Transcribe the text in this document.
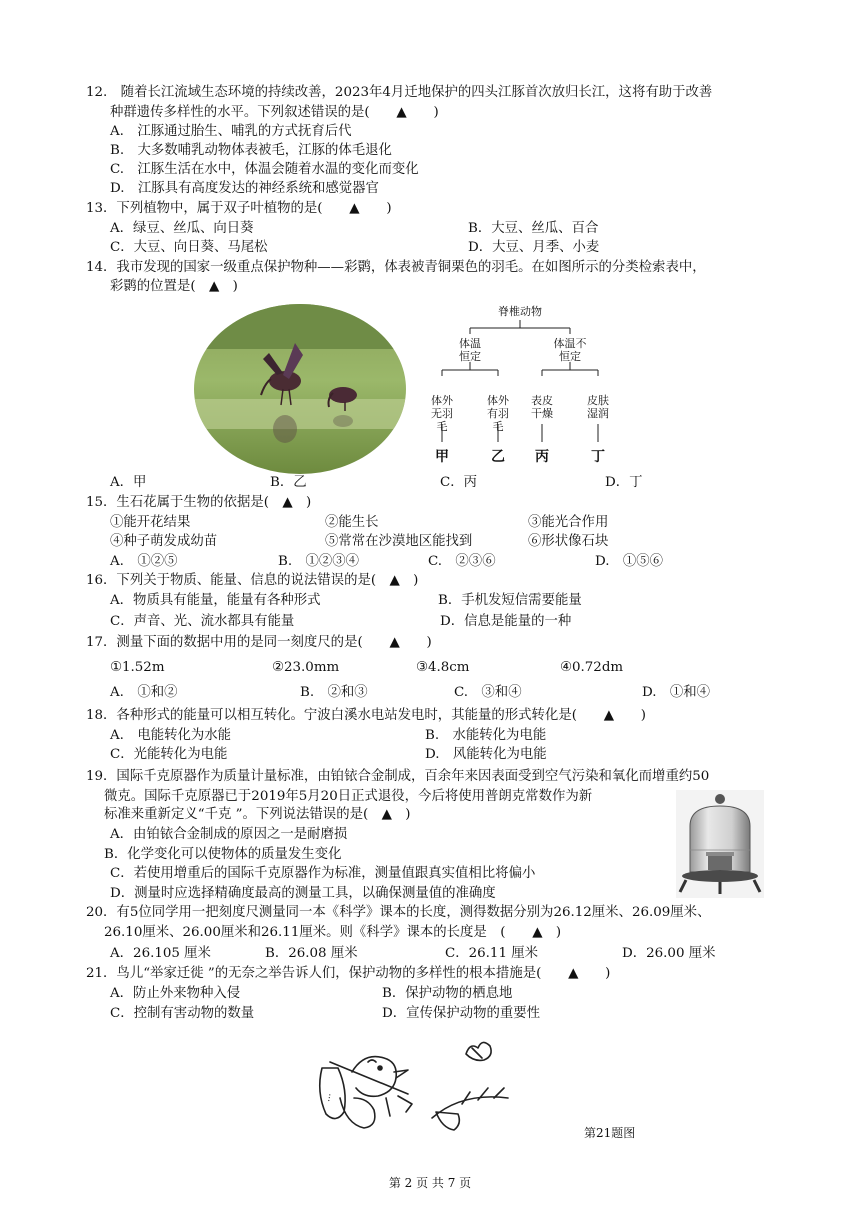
12.　随着长江流域生态环境的持续改善，2023年4月迁地保护的四头江豚首次放归长江，这将有助于改善
种群遗传多样性的水平。下列叙述错误的是(　　▲　　)
A.　江豚通过胎生、哺乳的方式抚育后代
B.　大多数哺乳动物体表被毛，江豚的体毛退化
C.　江豚生活在水中，体温会随着水温的变化而变化
D.　江豚具有高度发达的神经系统和感觉器官
13．下列植物中，属于双子叶植物的是(　　▲　　)
A．绿豆、丝瓜、向日葵	B．大豆、丝瓜、百合
C．大豆、向日葵、马尾松	D．大豆、月季、小麦
14．我市发现的国家一级重点保护物种——彩鹮，体表被青铜栗色的羽毛。在如图所示的分类检索表中，
彩鹮的位置是(　▲　)
脊椎动物
体温恒定
体温不恒定
体外无羽毛
体外有羽毛
表皮干燥
皮肤湿润
甲	乙 丙	丁
A．甲	B．乙	C．丙	D．丁
15．生石花属于生物的依据是(　▲　)
①能开花结果	②能生长	③能光合作用
④种子萌发成幼苗	⑤常常在沙漠地区能找到	⑥形状像石块
A.　①②⑤	B.　①②③④	C.　②③⑥	D.　①⑤⑥
16．下列关于物质、能量、信息的说法错误的是(　▲　)
A．物质具有能量，能量有各种形式	B．手机发短信需要能量
C．声音、光、流水都具有能量	D．信息是能量的一种
17．测量下面的数据中用的是同一刻度尺的是(　　▲　　)
①1.52m	②23.0mm	③4.8cm	④0.72dm
A.　①和②	B.　②和③	C.　③和④	D.　①和④
18．各种形式的能量可以相互转化。宁波白溪水电站发电时，其能量的形式转化是(　　▲　　)
A.　电能转化为水能	B.　水能转化为电能
C．光能转化为电能	D.　风能转化为电能
19．国际千克原器作为质量计量标准，由铂铱合金制成，百余年来因表面受到空气污染和氧化而增重约50
微克。国际千克原器已于2019年5月20日正式退役，今后将使用普朗克常数作为新
标准来重新定义“千克 ”。下列说法错误的是(　▲　)
A．由铂铱合金制成的原因之一是耐磨损
B．化学变化可以使物体的质量发生变化
C．若使用增重后的国际千克原器作为标准，测量值跟真实值相比将偏小
D．测量时应选择精确度最高的测量工具，以确保测量值的准确度
20．有5位同学用一把刻度尺测量同一本《科学》课本的长度，测得数据分别为26.12厘米、26.09厘米、
26.10厘米、26.00厘米和26.11厘米。则《科学》课本的长度是　(　　▲　)
A．26.105 厘米	B．26.08 厘米	C．26.11 厘米	D．26.00 厘米
21．鸟儿“举家迁徙 ”的无奈之举告诉人们，保护动物的多样性的根本措施是(　　▲　　)
A．防止外来物种入侵	B．保护动物的栖息地
C．控制有害动物的数量	D．宣传保护动物的重要性
...
第21题图
第 2 页 共 7 页
